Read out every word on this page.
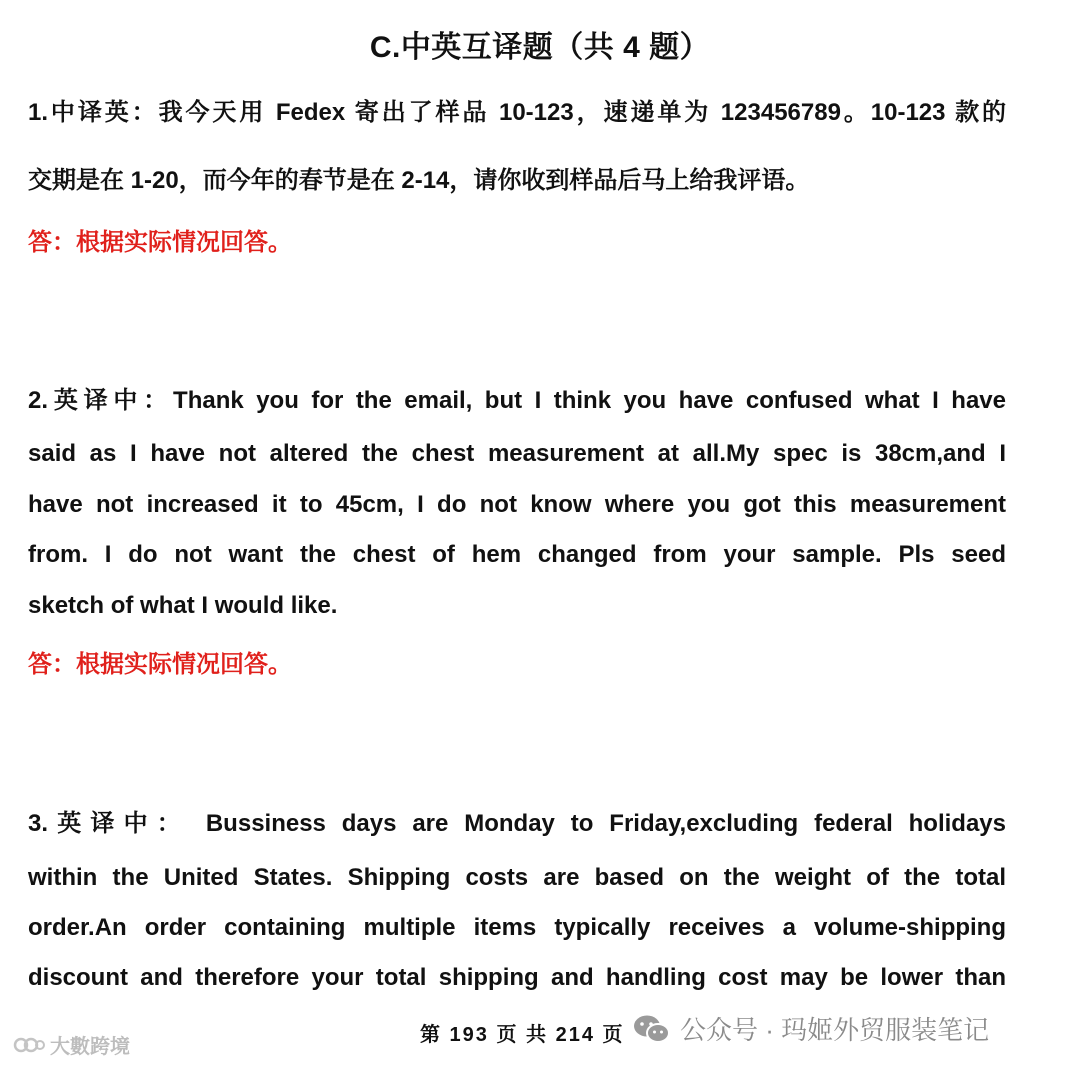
C.中英互译题（共 4 题）
1.中译英：我今天用 Fedex 寄出了样品 10-123，速递单为 123456789。10-123 款的
交期是在 1-20，而今年的春节是在 2-14，请你收到样品后马上给我评语。
答：根据实际情况回答。
2.英译中：Thank you for the email, but I think you have confused what I have
said as I have not altered the chest measurement at all.My spec is 38cm,and I
have not increased it to 45cm, I do not know where you got this measurement
from. I do not want the chest of hem changed from your sample. Pls seed
sketch of what I would like.
答：根据实际情况回答。
3.英译中： Bussiness days are Monday to Friday,excluding federal holidays
within the United States. Shipping costs are based on the weight of the total
order.An order containing multiple items typically receives a volume-shipping
discount and therefore your total shipping and handling cost may be lower than
大數跨境
第 193 页 共 214 页 公众号 · 玛姬外贸服装笔记
